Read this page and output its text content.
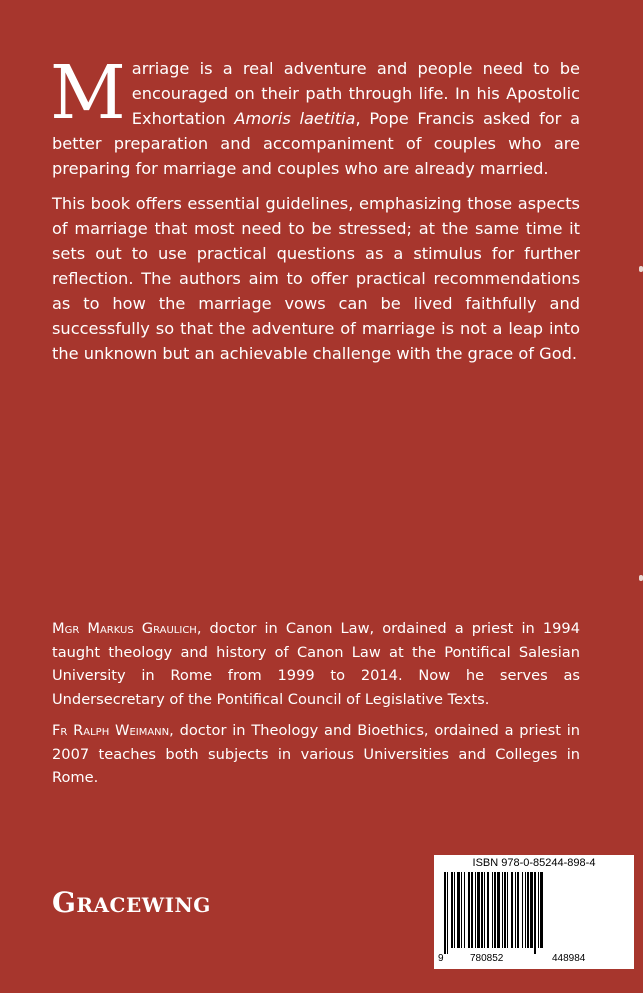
Marriage is a real adventure and people need to be encouraged on their path through life. In his Apostolic Exhortation Amoris laetitia, Pope Francis asked for a better preparation and accompaniment of couples who are preparing for marriage and couples who are already married.

This book offers essential guidelines, emphasizing those aspects of marriage that most need to be stressed; at the same time it sets out to use practical questions as a stimulus for further reflection. The authors aim to offer practical recommendations as to how the marriage vows can be lived faithfully and successfully so that the adventure of marriage is not a leap into the unknown but an achievable challenge with the grace of God.

Mgr Markus Graulich, doctor in Canon Law, ordained a priest in 1994 taught theology and history of Canon Law at the Pontifical Salesian University in Rome from 1999 to 2014. Now he serves as Undersecretary of the Pontifical Council of Legislative Texts.

Fr Ralph Weimann, doctor in Theology and Bioethics, ordained a priest in 2007 teaches both subjects in various Universities and Colleges in Rome.

Gracewing
ISBN 978-0-85244-898-4
9	780852	448984
